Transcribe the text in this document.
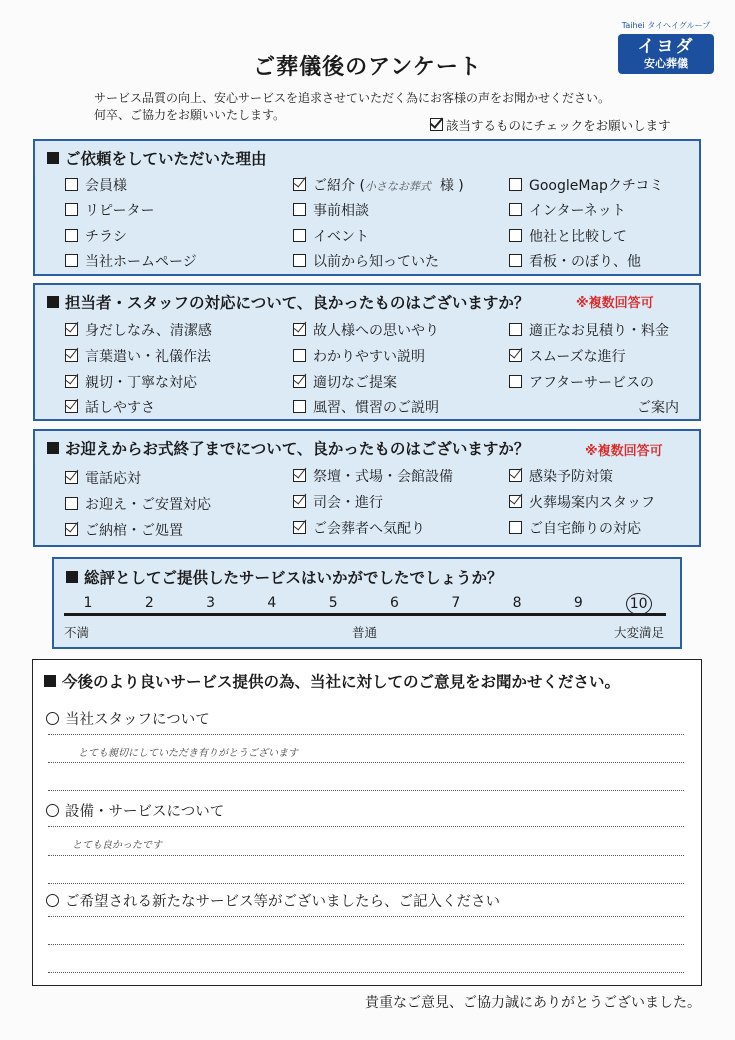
ご葬儀後のアンケート
Taihei タイヘイグループ
イヨダ
安心葬儀
サービス品質の向上、安心サービスを追求させていただく為にお客様の声をお聞かせください。
何卒、ご協力をお願いいたします。
該当するものにチェックをお願いします
ご依頼をしていただいた理由
会員様	ご紹介 (小さなお葬式 様 )	GoogleMapクチコミ
リピーター	事前相談	インターネット
チラシ	イベント	他社と比較して
当社ホームページ	以前から知っていた	看板・のぼり、他
担当者・スタッフの対応について、良かったものはございますか？	※複数回答可
身だしなみ、清潔感	故人様への思いやり	適正なお見積り・料金
言葉遣い・礼儀作法	わかりやすい説明	スムーズな進行
親切・丁寧な対応	適切なご提案	アフターサービスの
話しやすさ	風習、慣習のご説明	ご案内
お迎えからお式終了までについて、良かったものはございますか？	※複数回答可
電話応対	祭壇・式場・会館設備	感染予防対策
お迎え・ご安置対応	司会・進行	火葬場案内スタッフ
ご納棺・ご処置	ご会葬者へ気配り	ご自宅飾りの対応
総評としてご提供したサービスはいかがでしたでしょうか？
1	2	3	4	5	6	7	8	9	10
不満	普通	大変満足
今後のより良いサービス提供の為、当社に対してのご意見をお聞かせください。
当社スタッフについて
とても親切にしていただき有りがとうございます
設備・サービスについて
とても良かったです
ご希望される新たなサービス等がございましたら、ご記入ください
貴重なご意見、ご協力誠にありがとうございました。
